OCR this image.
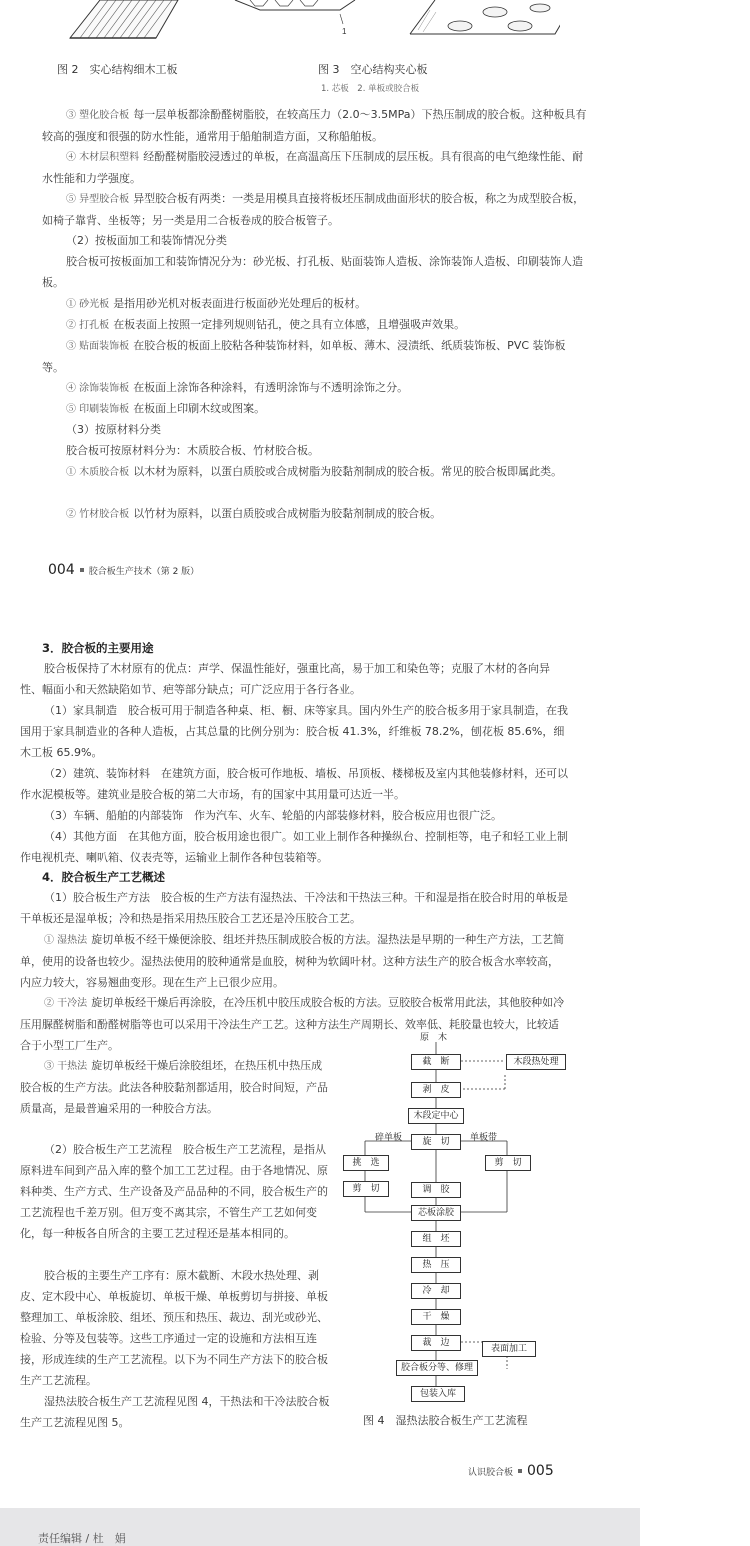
1
图 2　实心结构细木工板	图 3　空心结构夹心板
1. 芯板　2. 单板或胶合板
③ 塑化胶合板 每一层单板都涂酚醛树脂胶，在较高压力（2.0～3.5MPa）下热压制成的胶合板。这种板具有较高的强度和很强的防水性能，通常用于船舶制造方面，又称船舶板。
④ 木材层积塑料 经酚醛树脂胶浸透过的单板，在高温高压下压制成的层压板。具有很高的电气绝缘性能、耐水性能和力学强度。
⑤ 异型胶合板 异型胶合板有两类：一类是用模具直接将板坯压制成曲面形状的胶合板，称之为成型胶合板，如椅子靠背、坐板等；另一类是用二合板卷成的胶合板管子。
（2）按板面加工和装饰情况分类
胶合板可按板面加工和装饰情况分为：砂光板、打孔板、贴面装饰人造板、涂饰装饰人造板、印刷装饰人造板。
① 砂光板 是指用砂光机对板表面进行板面砂光处理后的板材。
② 打孔板 在板表面上按照一定排列规则钻孔，使之具有立体感，且增强吸声效果。
③ 贴面装饰板 在胶合板的板面上胶粘各种装饰材料，如单板、薄木、浸渍纸、纸质装饰板、PVC 装饰板等。
④ 涂饰装饰板 在板面上涂饰各种涂料，有透明涂饰与不透明涂饰之分。
⑤ 印刷装饰板 在板面上印刷木纹或图案。
（3）按原材料分类
胶合板可按原材料分为：木质胶合板、竹材胶合板。
① 木质胶合板 以木材为原料，以蛋白质胶或合成树脂为胶黏剂制成的胶合板。常见的胶合板即属此类。
② 竹材胶合板 以竹材为原料，以蛋白质胶或合成树脂为胶黏剂制成的胶合板。
004 胶合板生产技术（第 2 版）
3．胶合板的主要用途
胶合板保持了木材原有的优点：声学、保温性能好，强重比高，易于加工和染色等；克服了木材的各向异性、幅面小和天然缺陷如节、疤等部分缺点；可广泛应用于各行各业。
（1）家具制造　胶合板可用于制造各种桌、柜、橱、床等家具。国内外生产的胶合板多用于家具制造，在我国用于家具制造业的各种人造板，占其总量的比例分别为：胶合板 41.3%，纤维板 78.2%，刨花板 85.6%，细木工板 65.9%。
（2）建筑、装饰材料　在建筑方面，胶合板可作地板、墙板、吊顶板、楼梯板及室内其他装修材料，还可以作水泥模板等。建筑业是胶合板的第二大市场，有的国家中其用量可达近一半。
（3）车辆、船舶的内部装饰　作为汽车、火车、轮船的内部装修材料，胶合板应用也很广泛。
（4）其他方面　在其他方面，胶合板用途也很广。如工业上制作各种操纵台、控制柜等，电子和轻工业上制作电视机壳、喇叭箱、仪表壳等，运输业上制作各种包装箱等。
4．胶合板生产工艺概述
（1）胶合板生产方法　胶合板的生产方法有湿热法、干冷法和干热法三种。干和湿是指在胶合时用的单板是干单板还是湿单板；冷和热是指采用热压胶合工艺还是冷压胶合工艺。
① 湿热法 旋切单板不经干燥便涂胶、组坯并热压制成胶合板的方法。湿热法是早期的一种生产方法，工艺简单，使用的设备也较少。湿热法使用的胶种通常是血胶，树种为软阔叶材。这种方法生产的胶合板含水率较高，内应力较大，容易翘曲变形。现在生产上已很少应用。
② 干冷法 旋切单板经干燥后再涂胶，在冷压机中胶压成胶合板的方法。豆胶胶合板常用此法，其他胶种如冷压用脲醛树脂和酚醛树脂等也可以采用干冷法生产工艺。这种方法生产周期长、效率低、耗胶量也较大，比较适合于小型工厂生产。
③ 干热法 旋切单板经干燥后涂胶组坯，在热压机中热压成胶合板的生产方法。此法各种胶黏剂都适用，胶合时间短，产品质量高，是最普遍采用的一种胶合方法。
（2）胶合板生产工艺流程　胶合板生产工艺流程，是指从原料进车间到产品入库的整个加工工艺过程。由于各地情况、原料种类、生产方式、生产设备及产品品种的不同，胶合板生产的工艺流程也千差万别。但万变不离其宗，不管生产工艺如何变化，每一种板各自所含的主要工艺过程还是基本相同的。
胶合板的主要生产工序有：原木截断、木段水热处理、剥皮、定木段中心、单板旋切、单板干燥、单板剪切与拼接、单板整理加工、单板涂胶、组坯、预压和热压、裁边、刮光或砂光、检验、分等及包装等。这些工序通过一定的设施和方法相互连接，形成连续的生产工艺流程。以下为不同生产方法下的胶合板生产工艺流程。
湿热法胶合板生产工艺流程见图 4，干热法和干冷法胶合板生产工艺流程见图 5。
原　木
截　断	木段热处理
剥　皮
木段定中心
旋　切
碎单板	单板带
挑　选	剪　切
剪　切	调　胶
芯板涂胶
组　坯
热　压
冷　却
干　燥
裁　边
表面加工
胶合板分等、修理
包装入库
图 4　湿热法胶合板生产工艺流程
认识胶合板 005
责任编辑 / 杜　娟
